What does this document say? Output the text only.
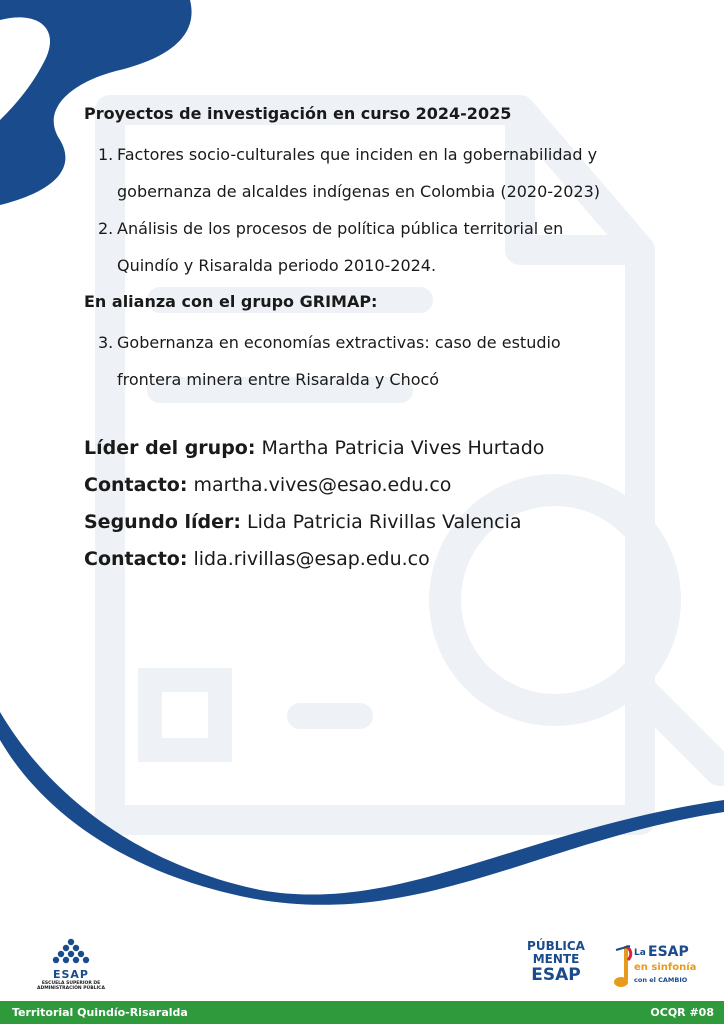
Proyectos de investigación en curso 2024-2025

1. Factores socio-culturales que inciden en la gobernabilidad y
gobernanza de alcaldes indígenas en Colombia (2020-2023)
2. Análisis de los procesos de política pública territorial en
Quindío y Risaralda periodo 2010-2024.

En alianza con el grupo GRIMAP:

3. Gobernanza en economías extractivas: caso de estudio
frontera minera entre Risaralda y Chocó
Líder del grupo: Martha Patricia Vives Hurtado
Contacto: martha.vives@esao.edu.co
Segundo líder: Lida Patricia Rivillas Valencia
Contacto: lida.rivillas@esap.edu.co
ESAP
ESCUELA SUPERIOR DE
ADMINISTRACIÓN PÚBLICA
PÚBLICA
MENTE
ESAP
La ESAP
en sinfonía
con el CAMBIO
Territorial Quindío-Risaralda	OCQR #08
